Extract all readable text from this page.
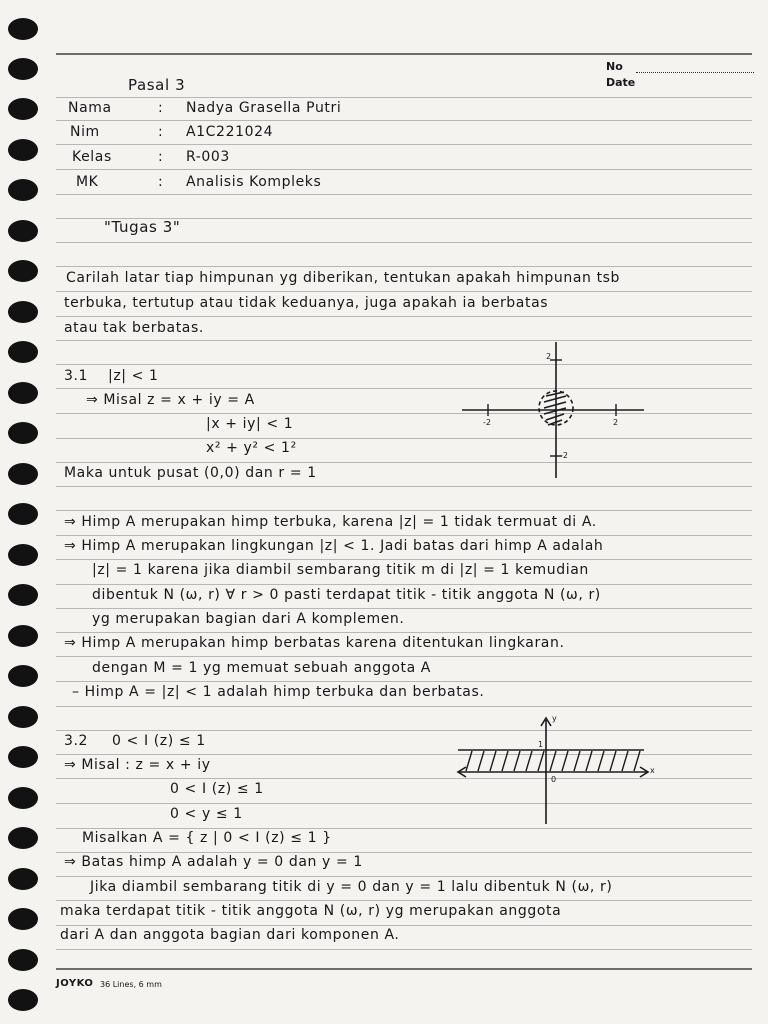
No
Date
Pasal 3
Nama	: Nadya Grasella Putri
Nim	: A1C221024
Kelas	: R-003
MK	: Analisis Kompleks
"Tugas 3"
Carilah latar tiap himpunan yg diberikan, tentukan apakah himpunan tsb
terbuka, tertutup atau tidak keduanya, juga apakah ia berbatas
atau tak berbatas.
3.1 |z| < 1
⇒ Misal z = x + iy = A
|x + iy| < 1
x² + y² < 1²
Maka untuk pusat (0,0) dan r = 1
2
-2	2
-2
⇒ Himp A merupakan himp terbuka, karena |z| = 1 tidak termuat di A.
⇒ Himp A merupakan lingkungan |z| < 1. Jadi batas dari himp A adalah
|z| = 1 karena jika diambil sembarang titik m di |z| = 1 kemudian
dibentuk N (ω, r) ∀ r > 0 pasti terdapat titik - titik anggota N (ω, r)
yg merupakan bagian dari A komplemen.
⇒ Himp A merupakan himp berbatas karena ditentukan lingkaran.
dengan M = 1 yg memuat sebuah anggota A
– Himp A = |z| < 1 adalah himp terbuka dan berbatas.
3.2 0 < I (z) ≤ 1
⇒ Misal : z = x + iy
0 < I (z) ≤ 1
0 < y ≤ 1
Misalkan A = { z | 0 < I (z) ≤ 1 }
⇒ Batas himp A adalah y = 0 dan y = 1
Jika diambil sembarang titik di y = 0 dan y = 1 lalu dibentuk N (ω, r)
maka terdapat titik - titik anggota N (ω, r) yg merupakan anggota
dari A dan anggota bagian dari komponen A.
y
1
0
x
JOYKO 36 Lines, 6 mm
